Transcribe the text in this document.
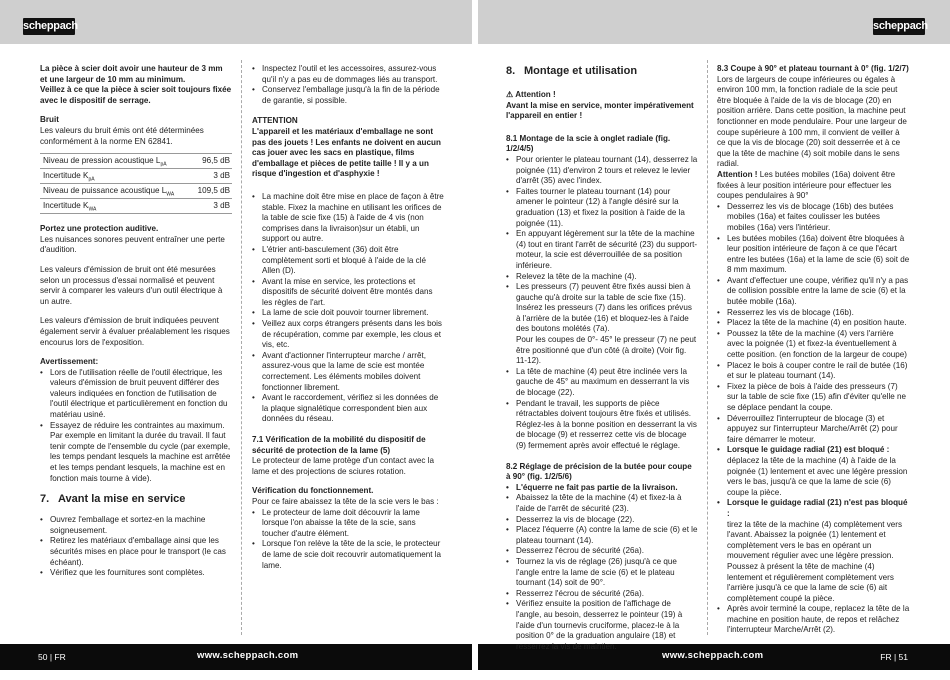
scheppach	scheppach
50 | FR	www.scheppach.com	www.scheppach.com	FR | 51

La pièce à scier doit avoir une hauteur de 3 mm et une largeur de 10 mm au minimum.
Veillez à ce que la pièce à scier soit toujours fixée avec le dispositif de serrage.

Bruit

Les valeurs du bruit émis ont été déterminées conformément à la norme EN 62841.

Niveau de pression acoustique $L_{pA}$	96,5 dB
Incertitude $K_{pA}$	3 dB
Niveau de puissance acoustique $L_{WA}$	109,5 dB
Incertitude $K_{WA}$	3 dB

Portez une protection auditive.

Les nuisances sonores peuvent entraîner une perte d'audition.

Les valeurs d'émission de bruit ont été mesurées selon un processus d'essai normalisé et peuvent servir à comparer les valeurs d'un outil électrique à un autre.

Les valeurs d'émission de bruit indiquées peuvent également servir à évaluer préalablement les risques encourus lors de l'exposition.

Avertissement:

• Lors de l'utilisation réelle de l'outil électrique, les valeurs d'émission de bruit peuvent différer des valeurs indiquées en fonction de l'utilisation de l'outil électrique et particulièrement en fonction du matériau usiné.
• Essayez de réduire les contraintes au maximum. Par exemple en limitant la durée du travail. Il faut tenir compte de l'ensemble du cycle (par exemple, les temps pendant lesquels la machine est arrêtée et les temps pendant lesquels, la machine est en fonction mais tourne à vide).
7. Avant la mise en service
• Ouvrez l'emballage et sortez-en la machine soigneusement.
• Retirez les matériaux d'emballage ainsi que les sécurités mises en place pour le transport (le cas échéant).
• Vérifiez que les fournitures sont complètes.
• Inspectez l'outil et les accessoires, assurez-vous qu'il n'y a pas eu de dommages liés au transport.
• Conservez l'emballage jusqu'à la fin de la période de garantie, si possible.

ATTENTION

L'appareil et les matériaux d'emballage ne sont pas des jouets ! Les enfants ne doivent en aucun cas jouer avec les sacs en plastique, films d'emballage et pièces de petite taille ! Il y a un risque d'ingestion et d'asphyxie !

• La machine doit être mise en place de façon à être stable. Fixez la machine en utilisant les orifices de la table de scie fixe (15) à l'aide de 4 vis (non comprises dans la livraison)sur un établi, un support ou autre.
• L'étrier anti-basculement (36) doit être complètement sorti et bloqué à l'aide de la clé Allen (D).
• Avant la mise en service, les protections et dispositifs de sécurité doivent être montés dans les règles de l'art.
• La lame de scie doit pouvoir tourner librement.
• Veillez aux corps étrangers présents dans les bois de récupération, comme par exemple, les clous et vis, etc.
• Avant d'actionner l'interrupteur marche / arrêt, assurez-vous que la lame de scie est montée correctement. Les éléments mobiles doivent fonctionner librement.
• Avant le raccordement, vérifiez si les données de la plaque signalétique correspondent bien aux données du réseau.

7.1 Vérification de la mobilité du dispositif de sécurité de protection de la lame (5)

Le protecteur de lame protège d'un contact avec la lame et des projections de sciures rotation.

Vérification du fonctionnement.

Pour ce faire abaissez la tête de la scie vers le bas :

• Le protecteur de lame doit découvrir la lame lorsque l'on abaisse la tête de la scie, sans toucher d'autre élément.
• Lorsque l'on relève la tête de la scie, le protecteur de lame de scie doit recouvrir automatiquement la lame.
8. Montage et utilisation

⚠ Attention !

Avant la mise en service, monter impérativement l'appareil en entier !

8.1 Montage de la scie à onglet radiale (fig. 1/2/4/5)

• Pour orienter le plateau tournant (14), desserrez la poignée (11) d'environ 2 tours et relevez le levier d'arrêt (35) avec l'index.
• Faites tourner le plateau tournant (14) pour amener le pointeur (12) à l'angle désiré sur la graduation (13) et fixez la position à l'aide de la poignée (11).
• En appuyant légèrement sur la tête de la machine (4) tout en tirant l'arrêt de sécurité (23) du support-moteur, la scie est déverrouillée de sa position inférieure.
• Relevez la tête de la machine (4).
• Les presseurs (7) peuvent être fixés aussi bien à gauche qu'à droite sur la table de scie fixe (15). Insérez les presseurs (7) dans les orifices prévus à l'arrière de la butée (16) et bloquez-les à l'aide des boutons molétés (7a).
Pour les coupes de 0°- 45° le presseur (7) ne peut être positionné que d'un côté (à droite) (Voir fig. 11-12).
• La tête de machine (4) peut être inclinée vers la gauche de 45° au maximum en desserrant la vis de blocage (22).
• Pendant le travail, les supports de pièce rétractables doivent toujours être fixés et utilisés. Réglez-les à la bonne position en desserrant la vis de blocage (9) et resserrez cette vis de blocage (9) fermement après avoir effectué le réglage.

8.2 Réglage de précision de la butée pour coupe à 90° (fig. 1/2/5/6)

• L'équerre ne fait pas partie de la livraison.
• Abaissez la tête de la machine (4) et fixez-la à l'aide de l'arrêt de sécurité (23).
• Desserrez la vis de blocage (22).
• Placez l'équerre (A) contre la lame de scie (6) et le plateau tournant (14).
• Desserrez l'écrou de sécurité (26a).
• Tournez la vis de réglage (26) jusqu'à ce que l'angle entre la lame de scie (6) et le plateau tournant (14) soit de 90°.
• Resserrez l'écrou de sécurité (26a).
• Vérifiez ensuite la position de l'affichage de l'angle, au besoin, desserrez le pointeur (19) à l'aide d'un tournevis cruciforme, placez-le à la position 0° de la graduation angulaire (18) et resserrez la vis de maintien.

8.3 Coupe à 90° et plateau tournant à 0° (fig. 1/2/7)

Lors de largeurs de coupe inférieures ou égales à environ 100 mm, la fonction radiale de la scie peut être bloquée à l'aide de la vis de blocage (20) en position arrière. Dans cette position, la machine peut fonctionner en mode pendulaire. Pour une largeur de coupe supérieure à 100 mm, il convient de veiller à ce que la vis de blocage (20) soit desserrée et à ce que la tête de machine (4) soit mobile dans le sens radial.

Attention ! Les butées mobiles (16a) doivent être fixées à leur position intérieure pour effectuer les coupes pendulaires à 90°

• Desserrez les vis de blocage (16b) des butées mobiles (16a) et faites coulisser les butées mobiles (16a) vers l'intérieur.
• Les butées mobiles (16a) doivent être bloquées à leur position intérieure de façon à ce que l'écart entre les butées (16a) et la lame de scie (6) soit de 8 mm maximum.
• Avant d'effectuer une coupe, vérifiez qu'il n'y a pas de collision possible entre la lame de scie (6) et la butée mobile (16a).
• Resserrez les vis de blocage (16b).
• Placez la tête de la machine (4) en position haute.
• Poussez la tête de la machine (4) vers l'arrière avec la poignée (1) et fixez-la éventuellement à cette position. (en fonction de la largeur de coupe)
• Placez le bois à couper contre le rail de butée (16) et sur le plateau tournant (14).
• Fixez la pièce de bois à l'aide des presseurs (7) sur la table de scie fixe (15) afin d'éviter qu'elle ne se déplace pendant la coupe.
• Déverrouillez l'interrupteur de blocage (3) et appuyez sur l'interrupteur Marche/Arrêt (2) pour faire démarrer le moteur.
• Lorsque le guidage radial (21) est bloqué :
déplacez la tête de la machine (4) à l'aide de la poignée (1) lentement et avec une légère pression vers le bas, jusqu'à ce que la lame de scie (6) coupe la pièce.
• Lorsque le guidage radial (21) n'est pas bloqué :
tirez la tête de la machine (4) complètement vers l'avant. Abaissez la poignée (1) lentement et complètement vers le bas en opérant un mouvement régulier avec une légère pression. Poussez à présent la tête de machine (4) lentement et régulièrement complètement vers l'arrière jusqu'à ce que la lame de scie (6) ait complètement coupé la pièce.
• Après avoir terminé la coupe, replacez la tête de la machine en position haute, de repos et relâchez l'interrupteur Marche/Arrêt (2).
